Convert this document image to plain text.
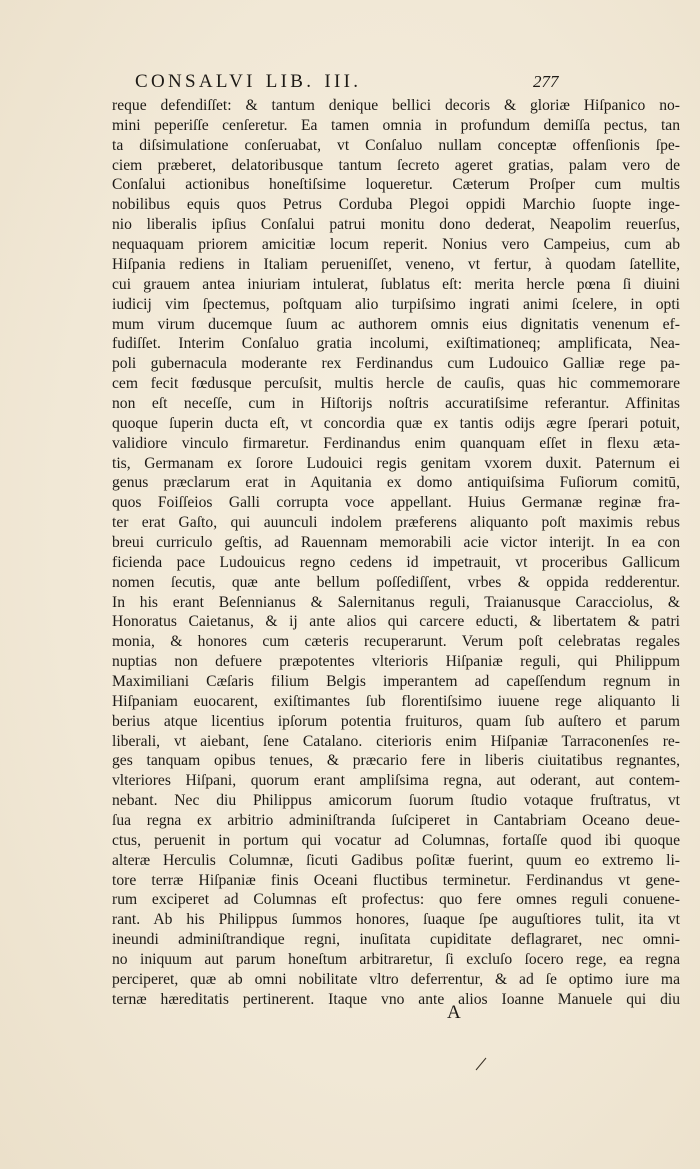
CONSALVI LIB. III.	277
reque defendiſſet: & tantum denique bellici decoris & gloriæ Hiſpanico no-
mini peperiſſe cenſeretur. Ea tamen omnia in profundum demiſſa pectus, tan
ta diſsimulatione conſeruabat, vt Conſaluo nullam conceptæ offenſionis ſpe-
ciem præberet, delatoribusque tantum ſecreto ageret gratias, palam vero de
Conſalui actionibus honeſtiſsime loqueretur. Cæterum Proſper cum multis
nobilibus equis quos Petrus Corduba Plegoi oppidi Marchio ſuopte inge-
nio liberalis ipſius Conſalui patrui monitu dono dederat, Neapolim reuerſus,
nequaquam priorem amicitiæ locum reperit. Nonius vero Campeius, cum ab
Hiſpania rediens in Italiam perueniſſet, veneno, vt fertur, à quodam ſatellite,
cui grauem antea iniuriam intulerat, ſublatus eſt: merita hercle pœna ſi diuini
iudicij vim ſpectemus, poſtquam alio turpiſsimo ingrati animi ſcelere, in opti
mum virum ducemque ſuum ac authorem omnis eius dignitatis venenum ef-
fudiſſet. Interim Conſaluo gratia incolumi, exiſtimationeq; amplificata, Nea-
poli gubernacula moderante rex Ferdinandus cum Ludouico Galliæ rege pa-
cem fecit fœdusque percuſsit, multis hercle de cauſis, quas hic commemorare
non eſt neceſſe, cum in Hiſtorijs noſtris accuratiſsime referantur. Affinitas
quoque ſuperin ducta eſt, vt concordia quæ ex tantis odijs ægre ſperari potuit,
validiore vinculo firmaretur. Ferdinandus enim quanquam eſſet in flexu æta-
tis, Germanam ex ſorore Ludouici regis genitam vxorem duxit. Paternum ei
genus præclarum erat in Aquitania ex domo antiquiſsima Fuſiorum comitū,
quos Foiſſeios Galli corrupta voce appellant. Huius Germanæ reginæ fra-
ter erat Gaſto, qui auunculi indolem præferens aliquanto poſt maximis rebus
breui curriculo geſtis, ad Rauennam memorabili acie victor interijt. In ea con
ficienda pace Ludouicus regno cedens id impetrauit, vt proceribus Gallicum
nomen ſecutis, quæ ante bellum poſſediſſent, vrbes & oppida redderentur.
In his erant Beſennianus & Salernitanus reguli, Traianusque Caracciolus, &
Honoratus Caietanus, & ij ante alios qui carcere educti, & libertatem & patri
monia, & honores cum cæteris recuperarunt. Verum poſt celebratas regales
nuptias non defuere præpotentes vlterioris Hiſpaniæ reguli, qui Philippum
Maximiliani Cæſaris filium Belgis imperantem ad capeſſendum regnum in
Hiſpaniam euocarent, exiſtimantes ſub florentiſsimo iuuene rege aliquanto li
berius atque licentius ipſorum potentia fruituros, quam ſub auſtero et parum
liberali, vt aiebant, ſene Catalano. citerioris enim Hiſpaniæ Tarraconenſes re-
ges tanquam opibus tenues, & præcario fere in liberis ciuitatibus regnantes,
vlteriores Hiſpani, quorum erant ampliſsima regna, aut oderant, aut contem-
nebant. Nec diu Philippus amicorum ſuorum ſtudio votaque fruſtratus, vt
ſua regna ex arbitrio adminiſtranda ſuſciperet in Cantabriam Oceano deue-
ctus, peruenit in portum qui vocatur ad Columnas, fortaſſe quod ibi quoque
alteræ Herculis Columnæ, ſicuti Gadibus poſitæ fuerint, quum eo extremo li-
tore terræ Hiſpaniæ finis Oceani fluctibus terminetur. Ferdinandus vt gene-
rum exciperet ad Columnas eſt profectus: quo fere omnes reguli conuene-
rant. Ab his Philippus ſummos honores, ſuaque ſpe auguſtiores tulit, ita vt
ineundi adminiſtrandique regni, inuſitata cupiditate deflagraret, nec omni-
no iniquum aut parum honeſtum arbitraretur, ſi excluſo ſocero rege, ea regna
perciperet, quæ ab omni nobilitate vltro deferrentur, & ad ſe optimo iure ma
ternæ hæreditatis pertinerent. Itaque vno ante alios Ioanne Manuele qui diu
A
